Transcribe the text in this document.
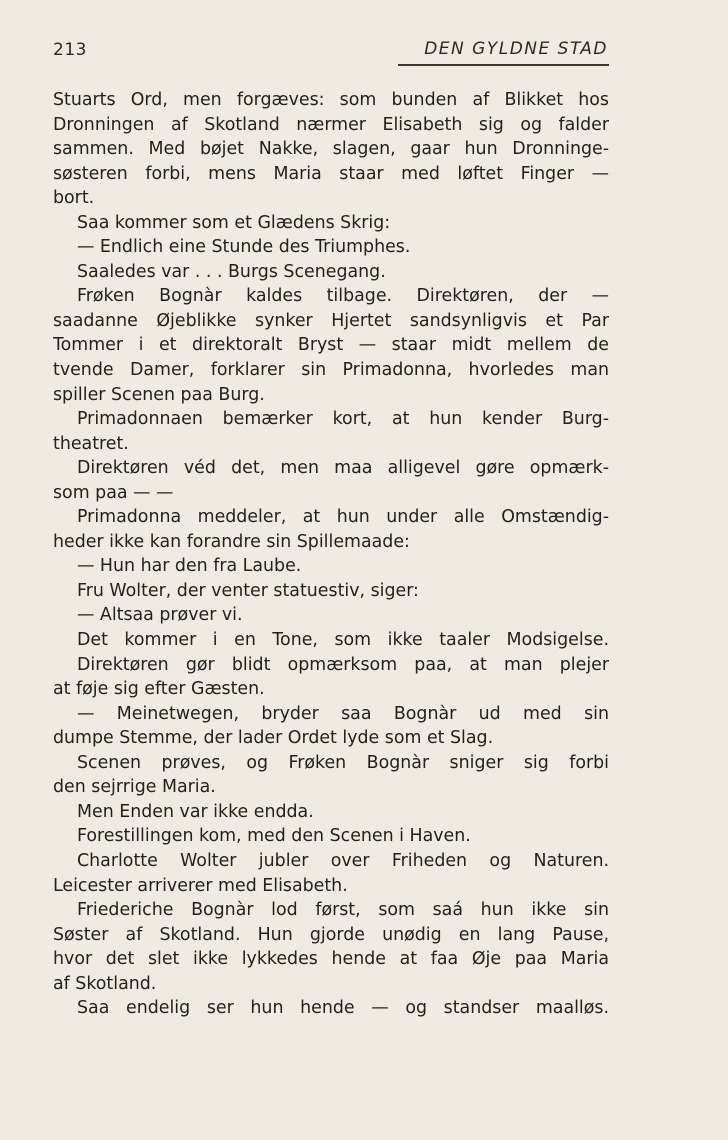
213	DEN GYLDNE STAD
Stuarts Ord, men forgæves: som bunden af Blikket hos
Dronningen af Skotland nærmer Elisabeth sig og falder
sammen. Med bøjet Nakke, slagen, gaar hun Dronninge-
søsteren forbi, mens Maria staar med løftet Finger —
bort.
Saa kommer som et Glædens Skrig:
— Endlich eine Stunde des Triumphes.
Saaledes var . . . Burgs Scenegang.
Frøken Bognàr kaldes tilbage. Direktøren, der —
saadanne Øjeblikke synker Hjertet sandsynligvis et Par
Tommer i et direktoralt Bryst — staar midt mellem de
tvende Damer, forklarer sin Primadonna, hvorledes man
spiller Scenen paa Burg.
Primadonnaen bemærker kort, at hun kender Burg-
theatret.
Direktøren véd det, men maa alligevel gøre opmærk-
som paa — —
Primadonna meddeler, at hun under alle Omstændig-
heder ikke kan forandre sin Spillemaade:
— Hun har den fra Laube.
Fru Wolter, der venter statuestiv, siger:
— Altsaa prøver vi.
Det kommer i en Tone, som ikke taaler Modsigelse.
Direktøren gør blidt opmærksom paa, at man plejer
at føje sig efter Gæsten.
— Meinetwegen, bryder saa Bognàr ud med sin
dumpe Stemme, der lader Ordet lyde som et Slag.
Scenen prøves, og Frøken Bognàr sniger sig forbi
den sejrrige Maria.
Men Enden var ikke endda.
Forestillingen kom, med den Scenen i Haven.
Charlotte Wolter jubler over Friheden og Naturen.
Leicester arriverer med Elisabeth.
Friederiche Bognàr lod først, som saá hun ikke sin
Søster af Skotland. Hun gjorde unødig en lang Pause,
hvor det slet ikke lykkedes hende at faa Øje paa Maria
af Skotland.
Saa endelig ser hun hende — og standser maalløs.
